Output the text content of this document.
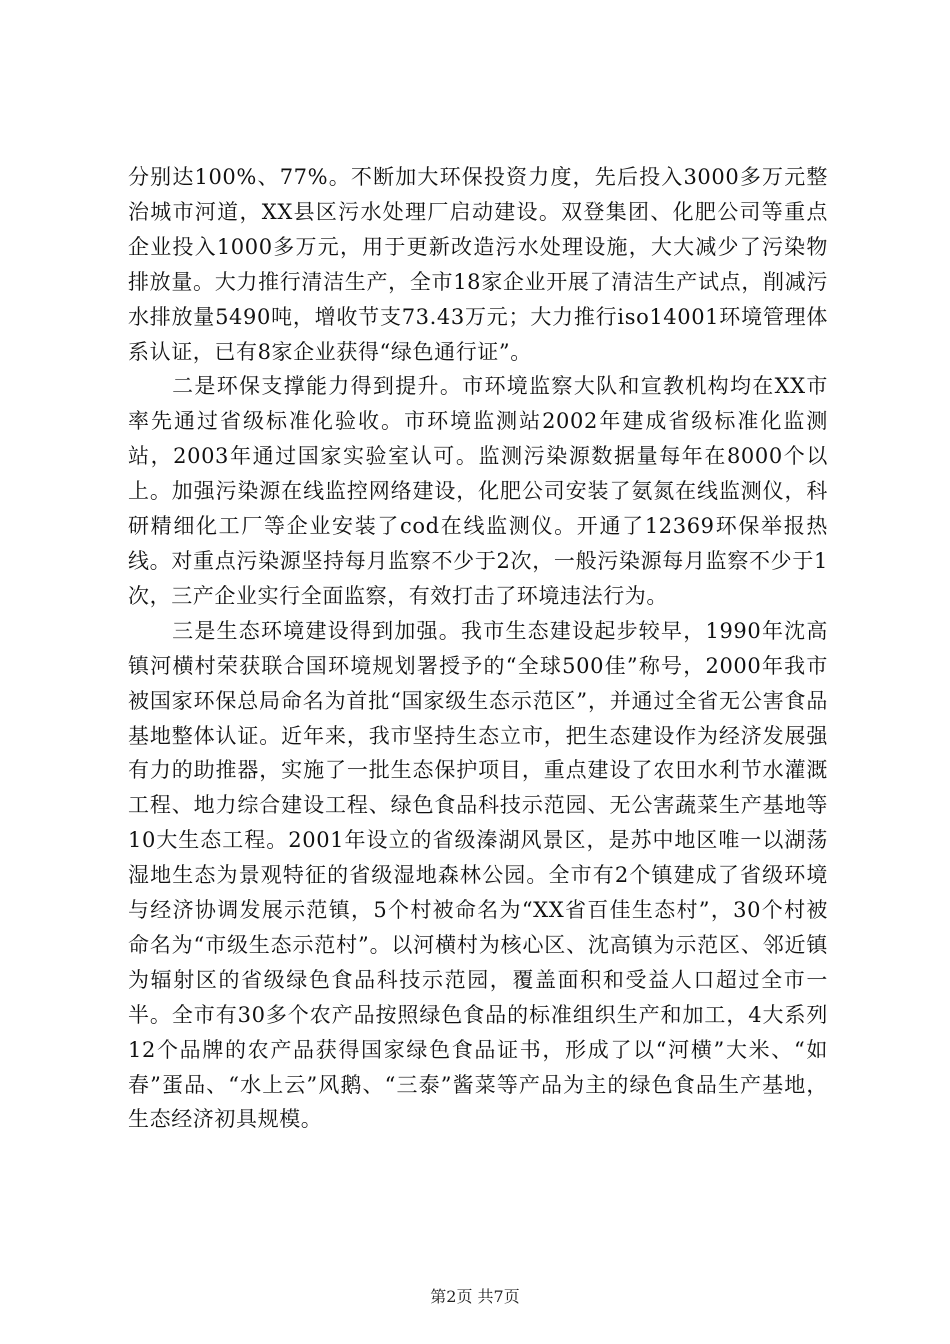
分别达100%、77%。不断加大环保投资力度，先后投入3000多万元整治城市河道，XX县区污水处理厂启动建设。双登集团、化肥公司等重点企业投入1000多万元，用于更新改造污水处理设施，大大减少了污染物排放量。大力推行清洁生产，全市18家企业开展了清洁生产试点，削减污水排放量5490吨，增收节支73.43万元；大力推行iso14001环境管理体系认证，已有8家企业获得“绿色通行证”。

二是环保支撑能力得到提升。市环境监察大队和宣教机构均在XX市率先通过省级标准化验收。市环境监测站2002年建成省级标准化监测站，2003年通过国家实验室认可。监测污染源数据量每年在8000个以上。加强污染源在线监控网络建设，化肥公司安装了氨氮在线监测仪，科研精细化工厂等企业安装了cod在线监测仪。开通了12369环保举报热线。对重点污染源坚持每月监察不少于2次，一般污染源每月监察不少于1次，三产企业实行全面监察，有效打击了环境违法行为。

三是生态环境建设得到加强。我市生态建设起步较早，1990年沈高镇河横村荣获联合国环境规划署授予的“全球500佳”称号，2000年我市被国家环保总局命名为首批“国家级生态示范区”，并通过全省无公害食品基地整体认证。近年来，我市坚持生态立市，把生态建设作为经济发展强有力的助推器，实施了一批生态保护项目，重点建设了农田水利节水灌溉工程、地力综合建设工程、绿色食品科技示范园、无公害蔬菜生产基地等10大生态工程。2001年设立的省级溱湖风景区，是苏中地区唯一以湖荡湿地生态为景观特征的省级湿地森林公园。全市有2个镇建成了省级环境与经济协调发展示范镇，5个村被命名为“XX省百佳生态村”，30个村被命名为“市级生态示范村”。以河横村为核心区、沈高镇为示范区、邻近镇为辐射区的省级绿色食品科技示范园，覆盖面积和受益人口超过全市一半。全市有30多个农产品按照绿色食品的标准组织生产和加工，4大系列12个品牌的农产品获得国家绿色食品证书，形成了以“河横”大米、“如春”蛋品、“水上云”风鹅、“三泰”酱菜等产品为主的绿色食品生产基地，生态经济初具规模。

第2页 共7页
